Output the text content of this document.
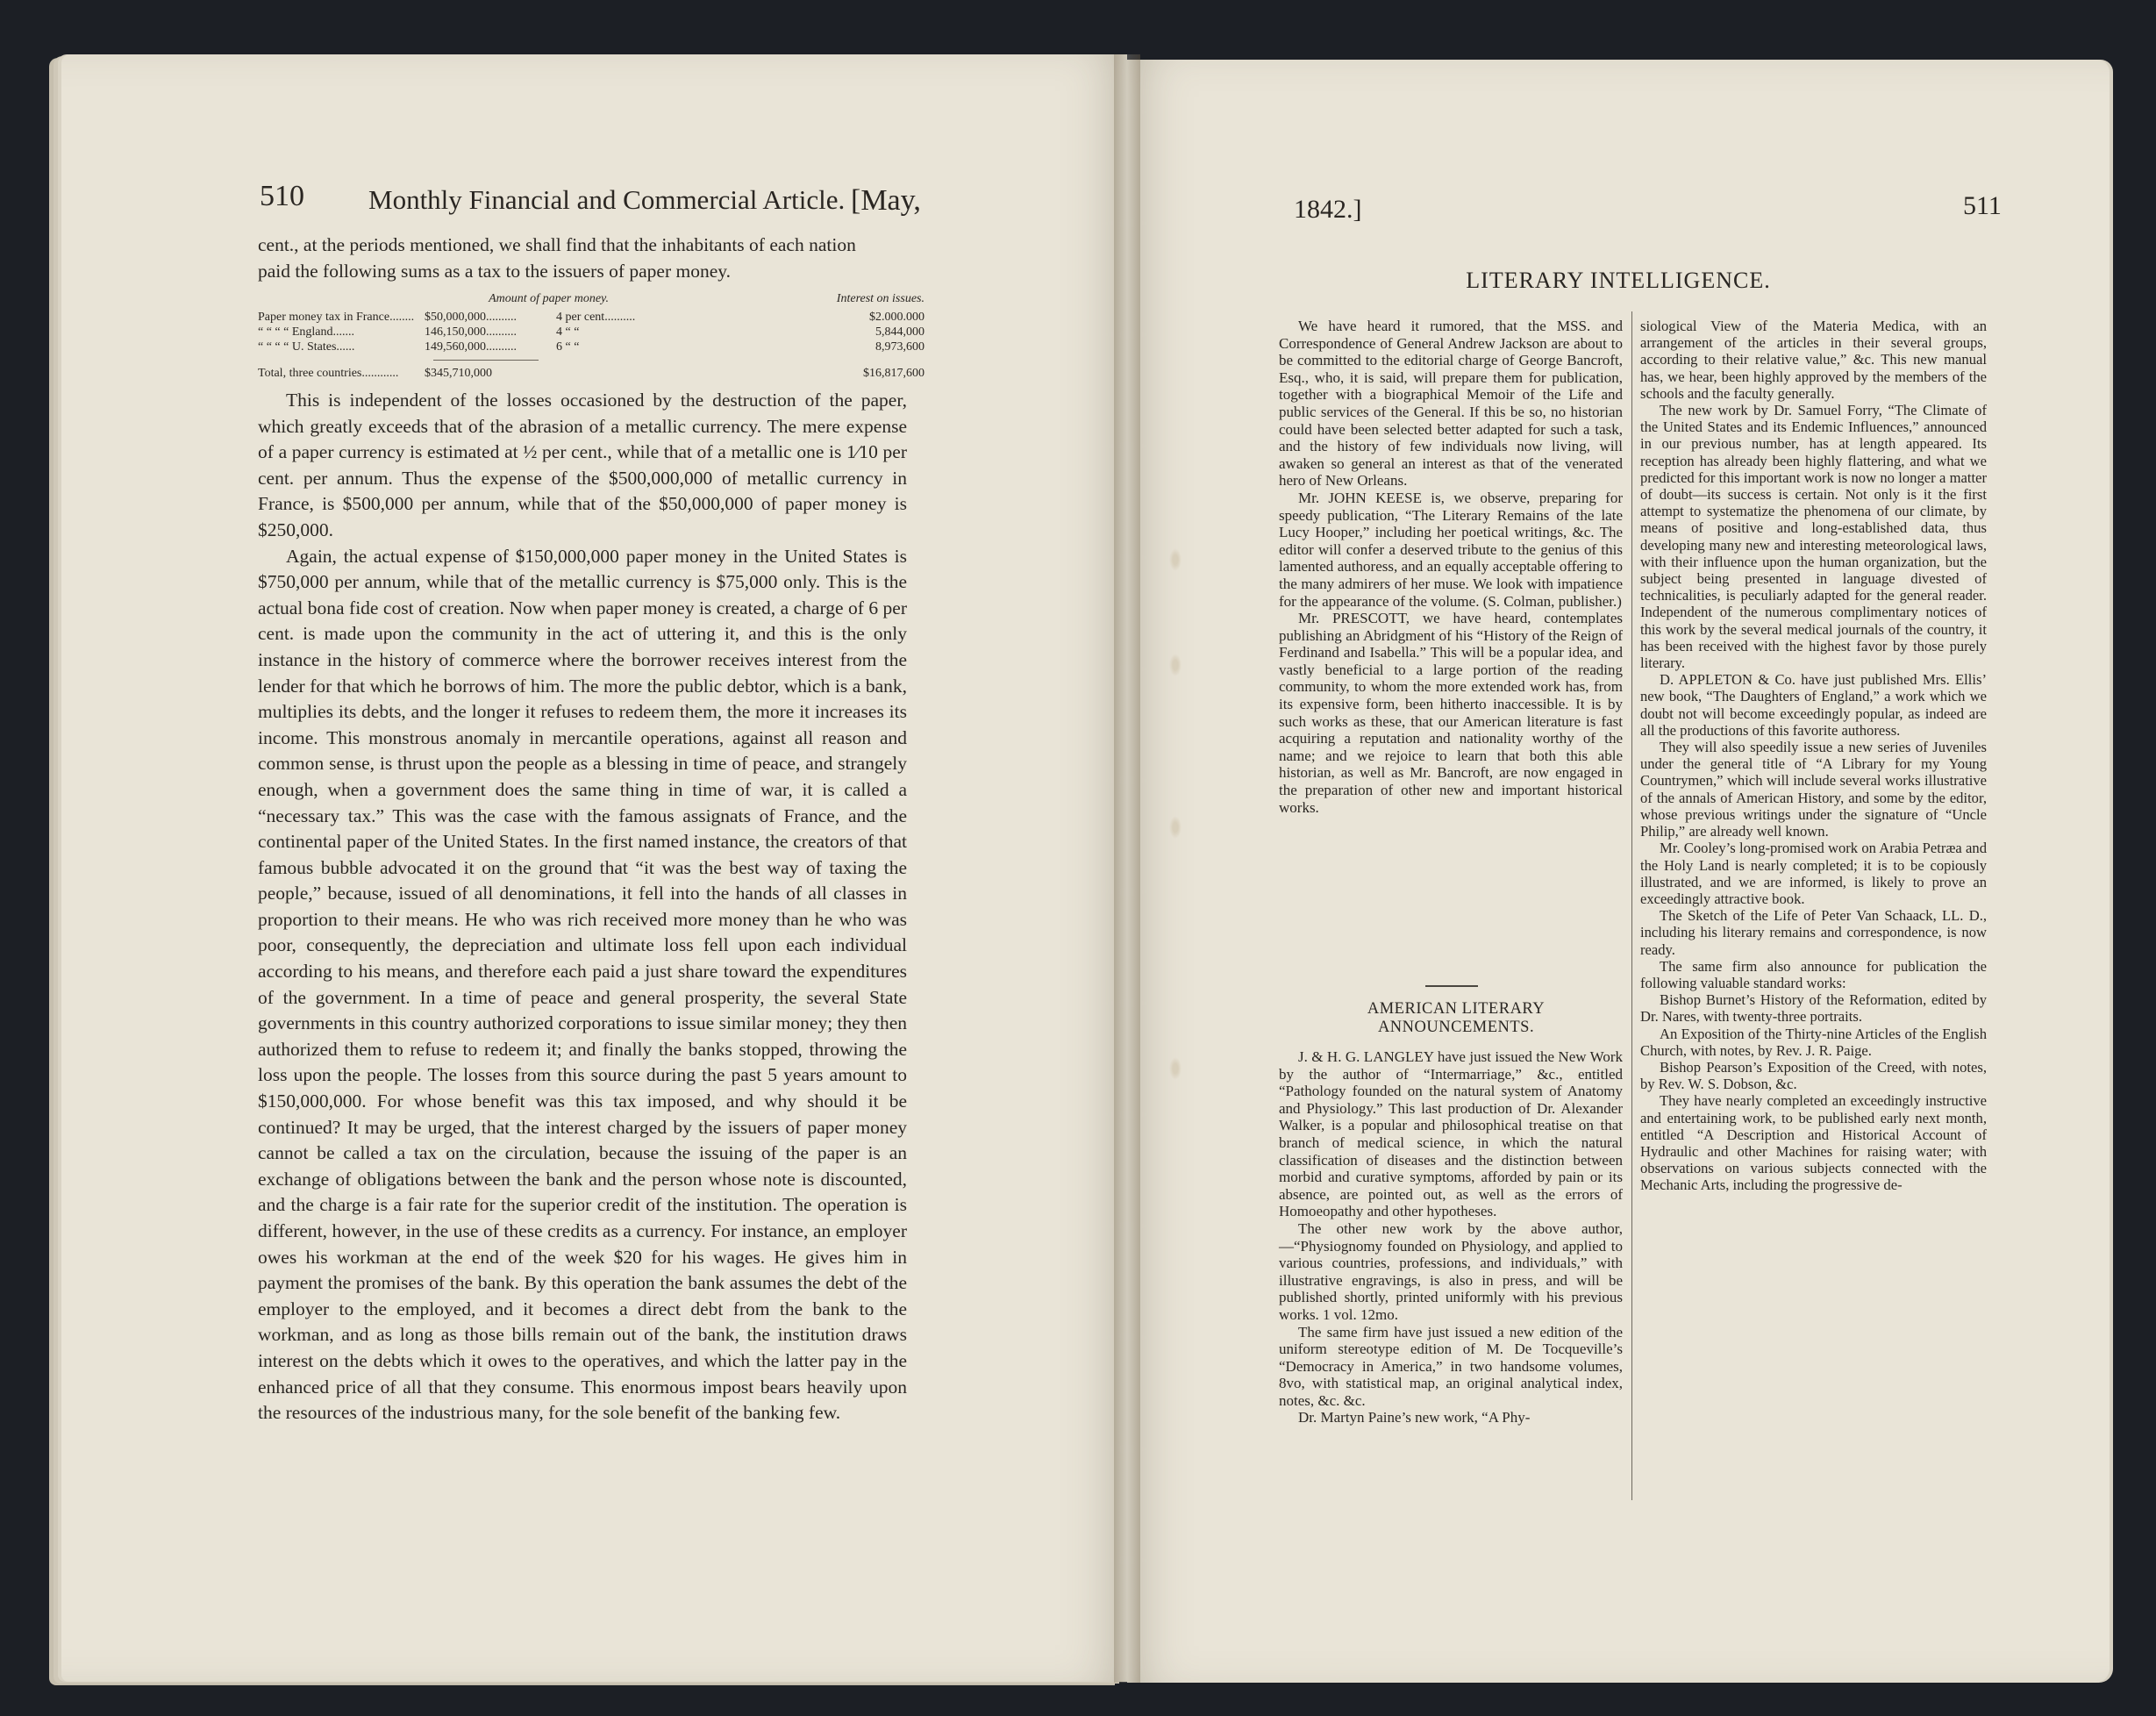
510 Monthly Financial and Commercial Article. [May,

cent., at the periods mentioned, we shall find that the inhabitants of each nation

paid the following sums as a tax to the issuers of paper money.

Amount of paper money.	Interest on issues.
Paper money tax in France........ $50,000,000..........	4 per cent..........	$2.000.000
“ “ “ “ England.......	146,150,000..........	4 “ “	5,844,000
“ “ “ “ U. States......	149,560,000..........	6 “ “	8,973,600
Total, three countries............	$345,710,000	$16,817,600

This is independent of the losses occasioned by the destruction of the paper, which greatly exceeds that of the abrasion of a metallic currency. The mere expense of a paper currency is estimated at ½ per cent., while that of a metallic one is 1⁄10 per cent. per annum. Thus the expense of the $500,000,000 of metallic currency in France, is $500,000 per annum, while that of the $50,000,000 of paper money is $250,000.

Again, the actual expense of $150,000,000 paper money in the United States is $750,000 per annum, while that of the metallic currency is $75,000 only. This is the actual bona fide cost of creation. Now when paper money is created, a charge of 6 per cent. is made upon the community in the act of uttering it, and this is the only instance in the history of commerce where the borrower receives interest from the lender for that which he borrows of him. The more the public debtor, which is a bank, multiplies its debts, and the longer it refuses to redeem them, the more it increases its income. This monstrous anomaly in mercantile operations, against all reason and common sense, is thrust upon the people as a blessing in time of peace, and strangely enough, when a government does the same thing in time of war, it is called a “necessary tax.” This was the case with the famous assignats of France, and the continental paper of the United States. In the first named instance, the creators of that famous bubble advocated it on the ground that “it was the best way of taxing the people,” because, issued of all denominations, it fell into the hands of all classes in proportion to their means. He who was rich received more money than he who was poor, consequently, the depreciation and ultimate loss fell upon each individual according to his means, and therefore each paid a just share toward the expenditures of the government. In a time of peace and general prosperity, the several State governments in this country authorized corporations to issue similar money; they then authorized them to refuse to redeem it; and finally the banks stopped, throwing the loss upon the people. The losses from this source during the past 5 years amount to $150,000,000. For whose benefit was this tax imposed, and why should it be continued? It may be urged, that the interest charged by the issuers of paper money cannot be called a tax on the circulation, because the issuing of the paper is an exchange of obligations between the bank and the person whose note is discounted, and the charge is a fair rate for the superior credit of the institution. The operation is different, however, in the use of these credits as a currency. For instance, an employer owes his workman at the end of the week $20 for his wages. He gives him in payment the promises of the bank. By this operation the bank assumes the debt of the employer to the employed, and it becomes a direct debt from the bank to the workman, and as long as those bills remain out of the bank, the institution draws interest on the debts which it owes to the operatives, and which the latter pay in the enhanced price of all that they consume. This enormous impost bears heavily upon the resources of the industrious many, for the sole benefit of the banking few.

1842.]	511
LITERARY INTELLIGENCE.

We have heard it rumored, that the MSS. and Correspondence of General Andrew Jackson are about to be committed to the editorial charge of George Bancroft, Esq., who, it is said, will prepare them for publication, together with a biographical Memoir of the Life and public services of the General. If this be so, no historian could have been selected better adapted for such a task, and the history of few individuals now living, will awaken so general an interest as that of the venerated hero of New Orleans.

Mr. JOHN KEESE is, we observe, preparing for speedy publication, “The Literary Remains of the late Lucy Hooper,” including her poetical writings, &c. The editor will confer a deserved tribute to the genius of this lamented authoress, and an equally acceptable offering to the many admirers of her muse. We look with impatience for the appearance of the volume. (S. Colman, publisher.)

Mr. PRESCOTT, we have heard, contemplates publishing an Abridgment of his “History of the Reign of Ferdinand and Isabella.” This will be a popular idea, and vastly beneficial to a large portion of the reading community, to whom the more extended work has, from its expensive form, been hitherto inaccessible. It is by such works as these, that our American literature is fast acquiring a reputation and nationality worthy of the name; and we rejoice to learn that both this able historian, as well as Mr. Bancroft, are now engaged in the preparation of other new and important historical works.

AMERICAN LITERARY ANNOUNCEMENTS.

J. & H. G. LANGLEY have just issued the New Work by the author of “Intermarriage,” &c., entitled “Pathology founded on the natural system of Anatomy and Physiology.” This last production of Dr. Alexander Walker, is a popular and philosophical treatise on that branch of medical science, in which the natural classification of diseases and the distinction between morbid and curative symptoms, afforded by pain or its absence, are pointed out, as well as the errors of Homoeopathy and other hypotheses.

The other new work by the above author,—“Physiognomy founded on Physiology, and applied to various countries, professions, and individuals,” with illustrative engravings, is also in press, and will be published shortly, printed uniformly with his previous works. 1 vol. 12mo.

The same firm have just issued a new edition of the uniform stereotype edition of M. De Tocqueville’s “Democracy in America,” in two handsome volumes, 8vo, with statistical map, an original analytical index, notes, &c. &c.

Dr. Martyn Paine’s new work, “A Phy-

siological View of the Materia Medica, with an arrangement of the articles in their several groups, according to their relative value,” &c. This new manual has, we hear, been highly approved by the members of the schools and the faculty generally.

The new work by Dr. Samuel Forry, “The Climate of the United States and its Endemic Influences,” announced in our previous number, has at length appeared. Its reception has already been highly flattering, and what we predicted for this important work is now no longer a matter of doubt—its success is certain. Not only is it the first attempt to systematize the phenomena of our climate, by means of positive and long-established data, thus developing many new and interesting meteorological laws, with their influence upon the human organization, but the subject being presented in language divested of technicalities, is peculiarly adapted for the general reader. Independent of the numerous complimentary notices of this work by the several medical journals of the country, it has been received with the highest favor by those purely literary.

D. APPLETON & Co. have just published Mrs. Ellis’ new book, “The Daughters of England,” a work which we doubt not will become exceedingly popular, as indeed are all the productions of this favorite authoress.

They will also speedily issue a new series of Juveniles under the general title of “A Library for my Young Countrymen,” which will include several works illustrative of the annals of American History, and some by the editor, whose previous writings under the signature of “Uncle Philip,” are already well known.

Mr. Cooley’s long-promised work on Arabia Petræa and the Holy Land is nearly completed; it is to be copiously illustrated, and we are informed, is likely to prove an exceedingly attractive book.

The Sketch of the Life of Peter Van Schaack, LL. D., including his literary remains and correspondence, is now ready.

The same firm also announce for publication the following valuable standard works:

Bishop Burnet’s History of the Reformation, edited by Dr. Nares, with twenty-three portraits.

An Exposition of the Thirty-nine Articles of the English Church, with notes, by Rev. J. R. Paige.

Bishop Pearson’s Exposition of the Creed, with notes, by Rev. W. S. Dobson, &c.

They have nearly completed an exceedingly instructive and entertaining work, to be published early next month, entitled “A Description and Historical Account of Hydraulic and other Machines for raising water; with observations on various subjects connected with the Mechanic Arts, including the progressive de-
